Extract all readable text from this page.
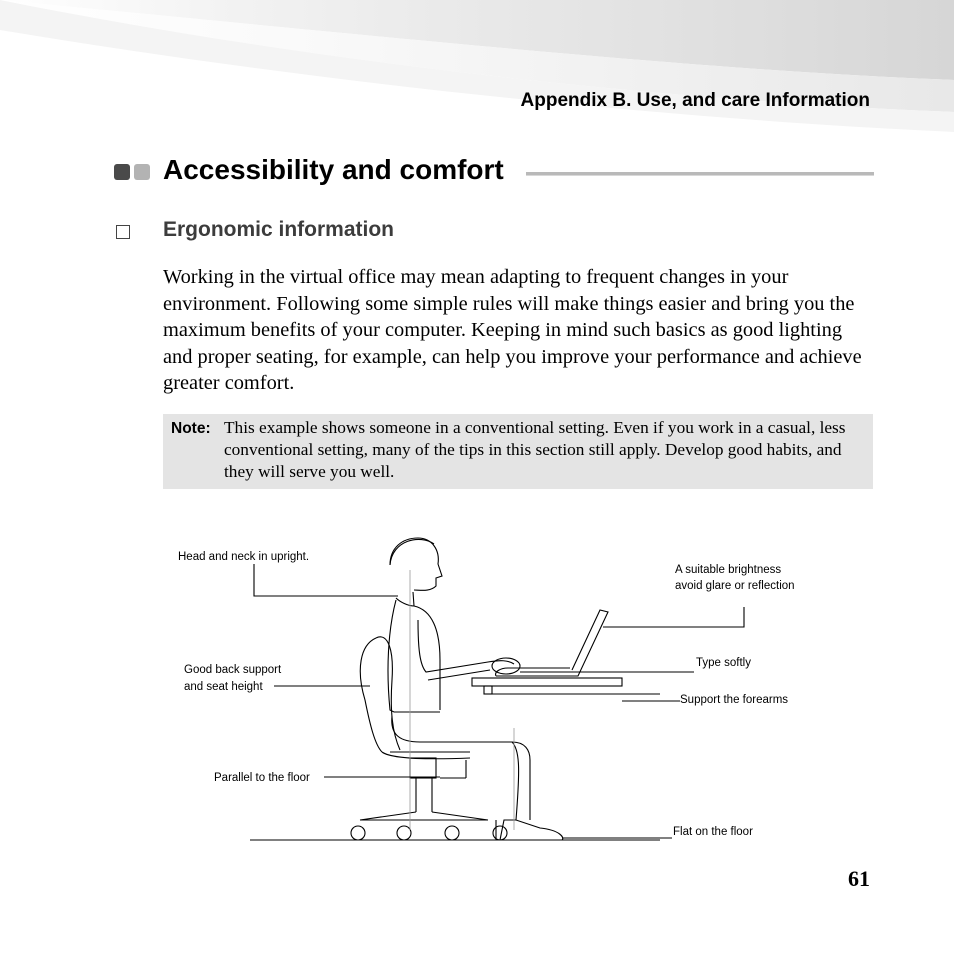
Appendix B. Use, and care Information
Accessibility and comfort
Ergonomic information
Working in the virtual office may mean adapting to frequent changes in your environment. Following some simple rules will make things easier and bring you the maximum benefits of your computer. Keeping in mind such basics as good lighting and proper seating, for example, can help you improve your performance and achieve greater comfort.
Note: This example shows someone in a conventional setting. Even if you work in a casual, less conventional setting, many of the tips in this section still apply. Develop good habits, and they will serve you well.
Head and neck in upright.
Good back support
and seat height
Parallel to the floor
A suitable brightness
avoid glare or reflection
Type softly
Support the forearms
Flat on the floor
61
